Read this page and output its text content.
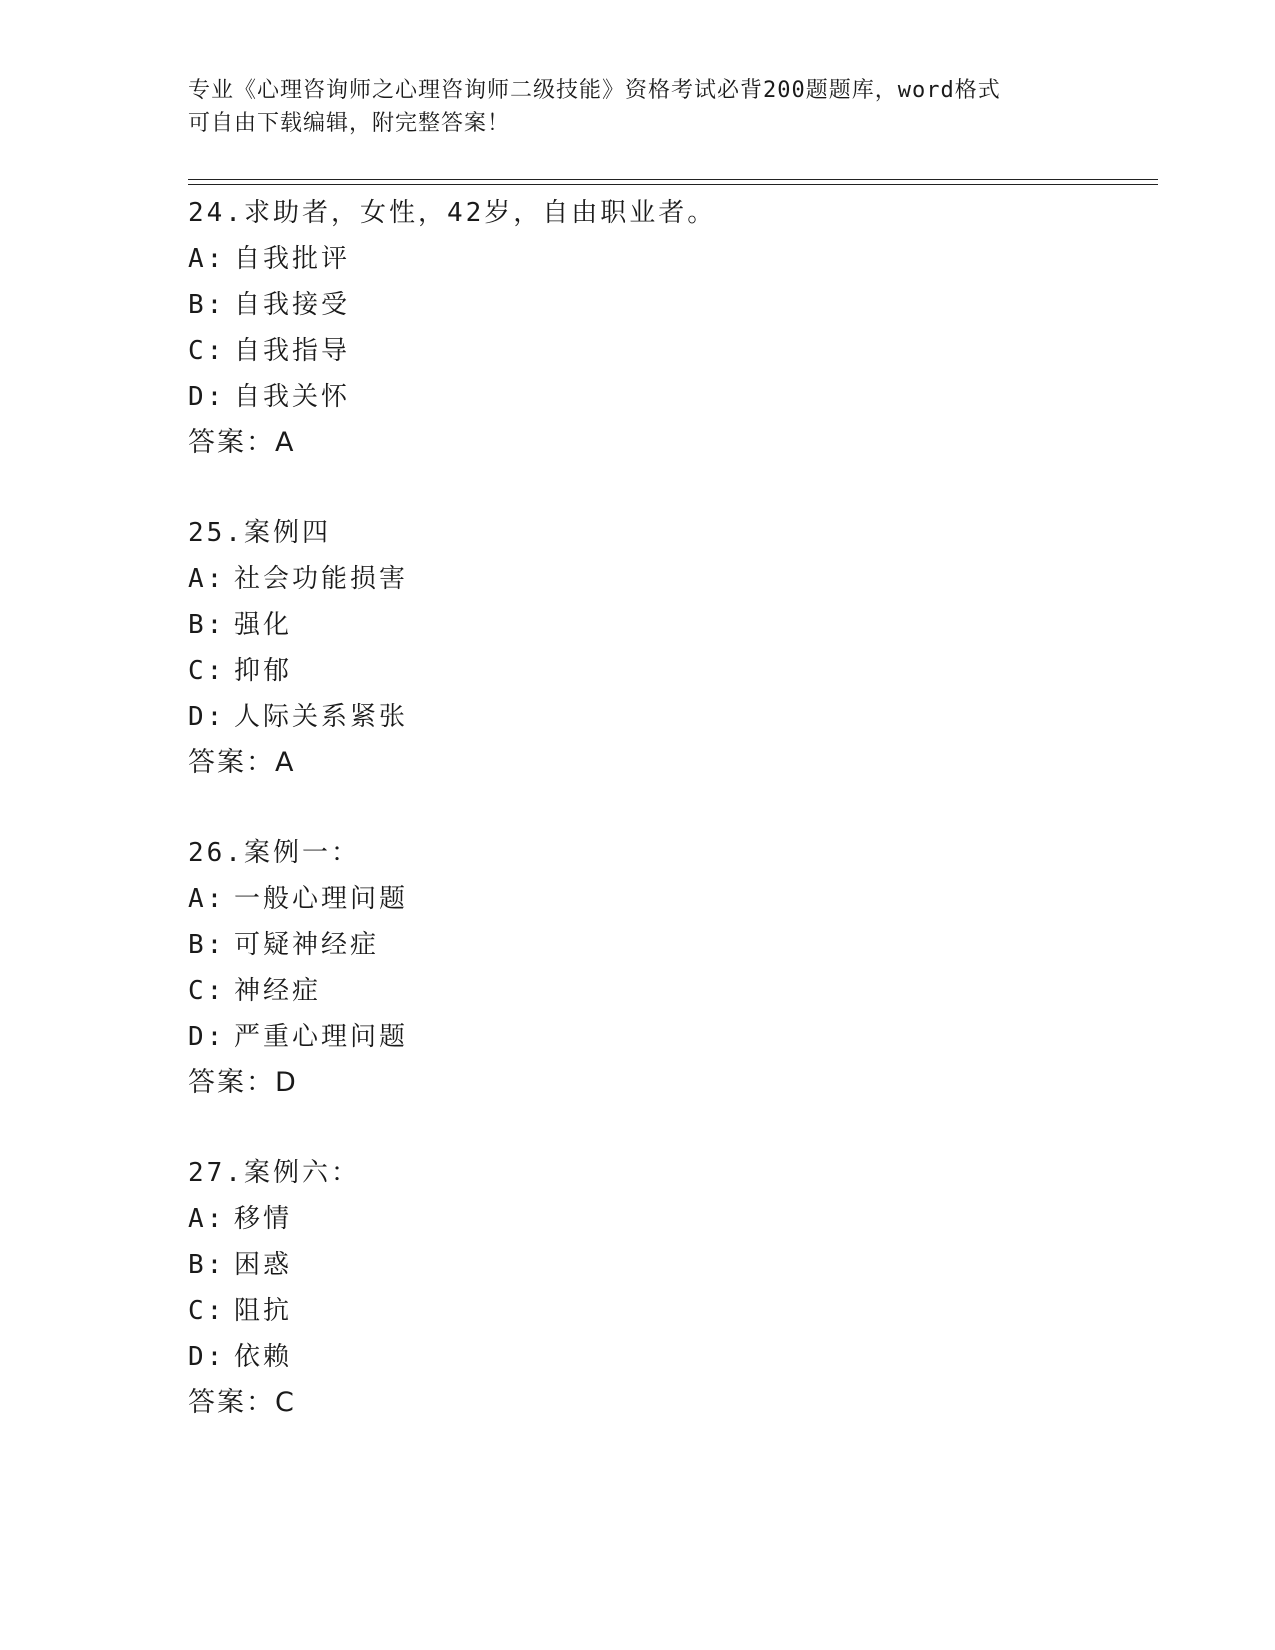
专业《心理咨询师之心理咨询师二级技能》资格考试必背200题题库，word格式
可自由下载编辑，附完整答案！
24.求助者，女性，42岁，自由职业者。
A: 自我批评
B: 自我接受
C: 自我指导
D: 自我关怀
答案：A
25.案例四
A: 社会功能损害
B: 强化
C: 抑郁
D: 人际关系紧张
答案：A
26.案例一：
A: 一般心理问题
B: 可疑神经症
C: 神经症
D: 严重心理问题
答案：D
27.案例六：
A: 移情
B: 困惑
C: 阻抗
D: 依赖
答案：C
